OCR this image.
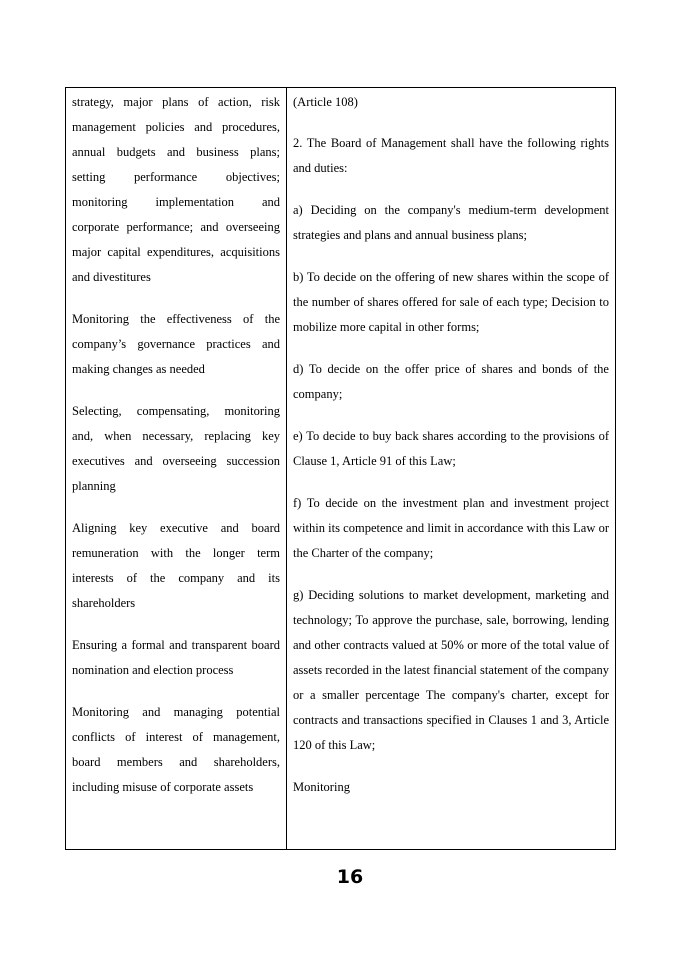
strategy, major plans of action, risk management policies and procedures, annual budgets and business plans; setting performance objectives; monitoring implementation and corporate performance; and overseeing major capital expenditures, acquisitions and divestitures

Monitoring the effectiveness of the company’s governance practices and making changes as needed

Selecting, compensating, monitoring and, when necessary, replacing key executives and overseeing succession planning

Aligning key executive and board remuneration with the longer term interests of the company and its shareholders

Ensuring a formal and transparent board nomination and election process

Monitoring and managing potential conflicts of interest of management, board members and shareholders, including misuse of corporate assets

(Article 108)

2. The Board of Management shall have the following rights and duties:

a) Deciding on the company's medium-term development strategies and plans and annual business plans;

b) To decide on the offering of new shares within the scope of the number of shares offered for sale of each type; Decision to mobilize more capital in other forms;

d) To decide on the offer price of shares and bonds of the company;

e) To decide to buy back shares according to the provisions of Clause 1, Article 91 of this Law;

f) To decide on the investment plan and investment project within its competence and limit in accordance with this Law or the Charter of the company;

g) Deciding solutions to market development, marketing and technology; To approve the purchase, sale, borrowing, lending and other contracts valued at 50% or more of the total value of assets recorded in the latest financial statement of the company or a smaller percentage The company's charter, except for contracts and transactions specified in Clauses 1 and 3, Article 120 of this Law;

Monitoring

16
